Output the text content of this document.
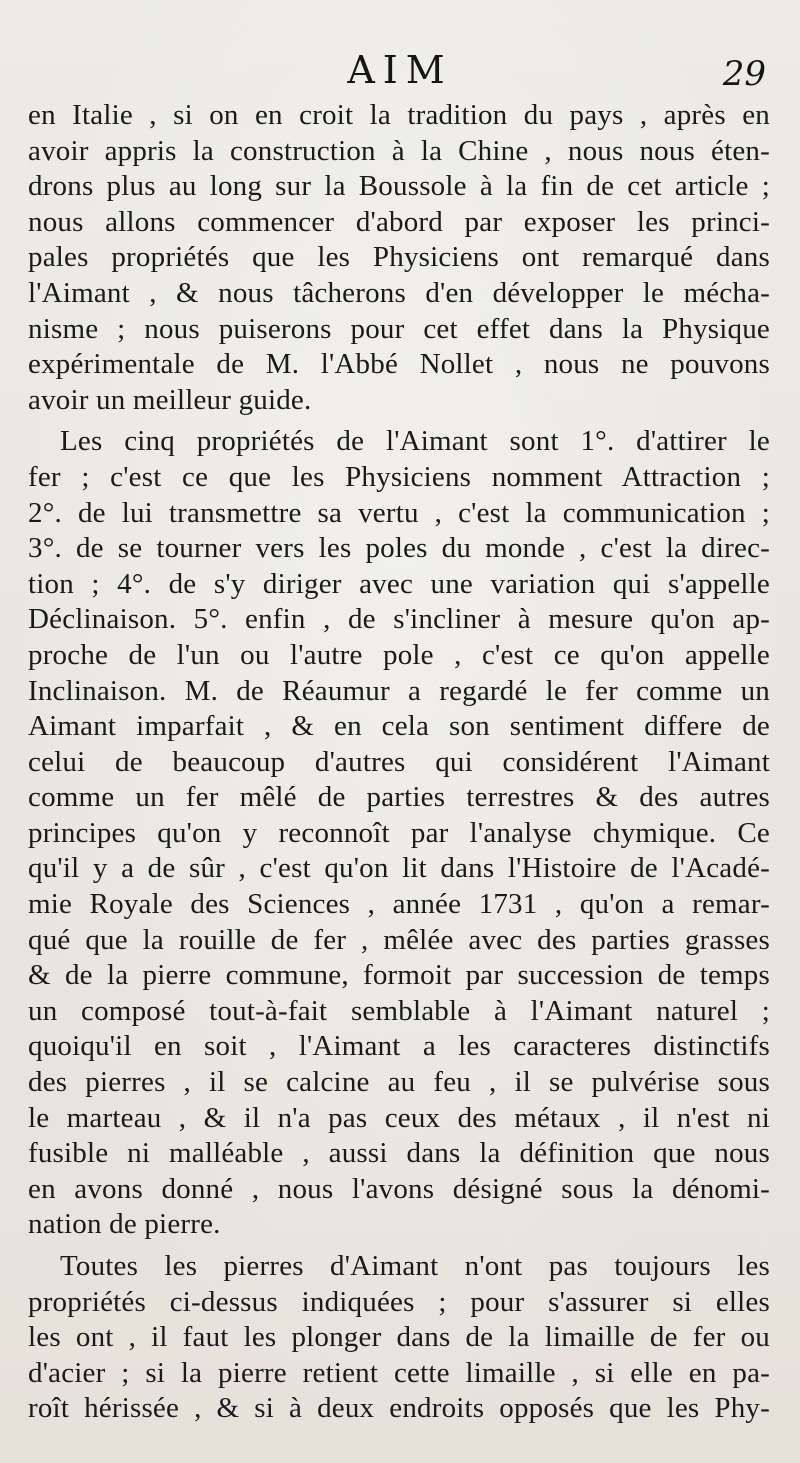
AIM	29
en Italie , si on en croit la tradition du pays , après en
avoir appris la construction à la Chine , nous nous éten-
drons plus au long sur la Boussole à la fin de cet article ;
nous allons commencer d'abord par exposer les princi-
pales propriétés que les Physiciens ont remarqué dans
l'Aimant , & nous tâcherons d'en développer le mécha-
nisme ; nous puiserons pour cet effet dans la Physique
expérimentale de M. l'Abbé Nollet , nous ne pouvons
avoir un meilleur guide.
Les cinq propriétés de l'Aimant sont 1°. d'attirer le
fer ; c'est ce que les Physiciens nomment Attraction ;
2°. de lui transmettre sa vertu , c'est la communication ;
3°. de se tourner vers les poles du monde , c'est la direc-
tion ; 4°. de s'y diriger avec une variation qui s'appelle
Déclinaison. 5°. enfin , de s'incliner à mesure qu'on ap-
proche de l'un ou l'autre pole , c'est ce qu'on appelle
Inclinaison. M. de Réaumur a regardé le fer comme un
Aimant imparfait , & en cela son sentiment differe de
celui de beaucoup d'autres qui considérent l'Aimant
comme un fer mêlé de parties terrestres & des autres
principes qu'on y reconnoît par l'analyse chymique. Ce
qu'il y a de sûr , c'est qu'on lit dans l'Histoire de l'Acadé-
mie Royale des Sciences , année 1731 , qu'on a remar-
qué que la rouille de fer , mêlée avec des parties grasses
& de la pierre commune, formoit par succession de temps
un composé tout-à-fait semblable à l'Aimant naturel ;
quoiqu'il en soit , l'Aimant a les caracteres distinctifs
des pierres , il se calcine au feu , il se pulvérise sous
le marteau , & il n'a pas ceux des métaux , il n'est ni
fusible ni malléable , aussi dans la définition que nous
en avons donné , nous l'avons désigné sous la dénomi-
nation de pierre.
Toutes les pierres d'Aimant n'ont pas toujours les
propriétés ci-dessus indiquées ; pour s'assurer si elles
les ont , il faut les plonger dans de la limaille de fer ou
d'acier ; si la pierre retient cette limaille , si elle en pa-
roît hérissée , & si à deux endroits opposés que les Phy-
